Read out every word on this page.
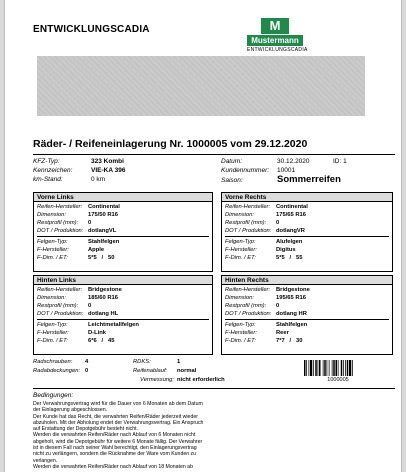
ENTWICKLUNGSCADIA	M
Mustermann
ENTWICKLUNGSCADIA
Räder- / Reifeneinlagerung Nr. 1000005 vom 29.12.2020
KFZ-Typ:	323 Kombi
Kennzeichen:	VIE-KA 396
km-Stand:	0 km
Datum:	30.12.2020	ID:
1
Kundennummer:	10001
Saison:	Sommerreifen
Vorne Links
Reifen-Hersteller:	Continental
Dimension:	175/50 R16
Restprofil (mm):	0
DOT / Produktion: dotlangVL
Felgen-Typ:	Stahlfelgen
F-Hersteller:	Apple
F-Dim. / ET:	5*5   /   50
Vorne Rechts
Reifen-Hersteller:	Continental
Dimension:	175/65 R16
Restprofil (mm):	0
DOT / Produktion: dotlangVR
Felgen-Typ:	Alufelgen
F-Hersteller:	Digitus
F-Dim. / ET:	5*5   /   55
Hinten Links
Reifen-Hersteller:	Bridgestone
Dimension:	185/60 R16
Restprofil (mm):	0
DOT / Produktion: dotlang HL
Felgen-Typ:	Leichtmetallfelgen
F-Hersteller:	D-Link
F-Dim. / ET:	6*6   /   45
Hinten Rechts
Reifen-Hersteller:	Bridgestone
Dimension:	195/65 R16
Restprofil (mm):	0
DOT / Produktion: dotlang HR
Felgen-Typ:	Stahlfelgen
F-Hersteller:	Reer
F-Dim. / ET:	7*7   /   30
Radschrauben: 4
Radabdeckungen: 0
RDKS:	1
Reifenablauf: normal
Vermessung: nicht erforderlich	1000005
Bedingungen:

Der Verwahrungsvertrag wird für die Dauer von 6 Monaten ab dem Datum

der Einlagerung abgeschlossen.

Der Kunde hat das Recht, die verwahrten Reifen/Räder jederzeit wieder

abzuholen. Mit der Abholung endet der Verwahrungsvertrag. Ein Anspruch

auf Erstattung der Depotgebühr besteht nicht.

Werden die verwahrten Reifen/Räder nach Ablauf von 6 Monaten nicht

abgeholt, wird die Depotgebühr für weitere 6 Monate fällig. Der Verwahrer

ist in diesem Fall nach seiner Wahl berechtigt, den Einlagerungsvertrag

nicht zu verlängern, sondern die Rücknahme der Ware vom Kunden zu

verlangen.

Werden die verwahrten Reifen/Räder nach Ablauf von 18 Monaten ab
